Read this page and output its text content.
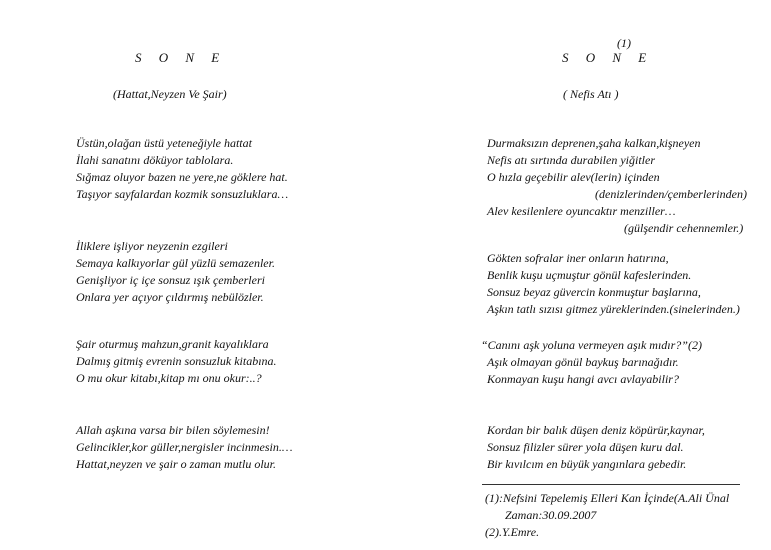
S O N E
(Hattat,Neyzen Ve Şair)
Üstün,olağan üstü yeteneğiyle hattat
İlahi sanatını döküyor tablolara.
Sığmaz oluyor bazen ne yere,ne göklere hat.
Taşıyor sayfalardan kozmik sonsuzluklara…
İliklere işliyor neyzenin ezgileri
Semaya kalkıyorlar gül yüzlü semazenler.
Genişliyor iç içe sonsuz ışık çemberleri
Onlara yer açıyor çıldırmış nebülözler.
Şair oturmuş mahzun,granit kayalıklara
Dalmış gitmiş evrenin sonsuzluk kitabına.
O mu okur kitabı,kitap mı onu okur:..?
Allah aşkına varsa bir bilen söylemesin!
Gelincikler,kor güller,nergisler incinmesin.…
Hattat,neyzen ve şair o zaman mutlu olur.
(1)
S O N E
( Nefis Atı )
Durmaksızın deprenen,şaha kalkan,kişneyen
Nefis atı sırtında durabilen yiğitler
O hızla geçebilir alev(lerin) içinden
(denizlerinden/çemberlerinden)
Alev kesilenlere oyuncaktır menziller…
(gülşendir cehennemler.)
Gökten sofralar iner onların hatırına,
Benlik kuşu uçmuştur gönül kafeslerinden.
Sonsuz beyaz güvercin konmuştur başlarına,
Aşkın tatlı sızısı gitmez yüreklerinden.(sinelerinden.)
“Canını aşk yoluna vermeyen aşık mıdır?”(2)
Aşık olmayan gönül baykuş barınağıdır.
Konmayan kuşu hangi avcı avlayabilir?
Kordan bir balık düşen deniz köpürür,kaynar,
Sonsuz filizler sürer yola düşen kuru dal.
Bir kıvılcım en büyük yangınlara gebedir.
(1):Nefsini Tepelemiş Elleri Kan İçinde(A.Ali Ünal
Zaman:30.09.2007
(2).Y.Emre.
